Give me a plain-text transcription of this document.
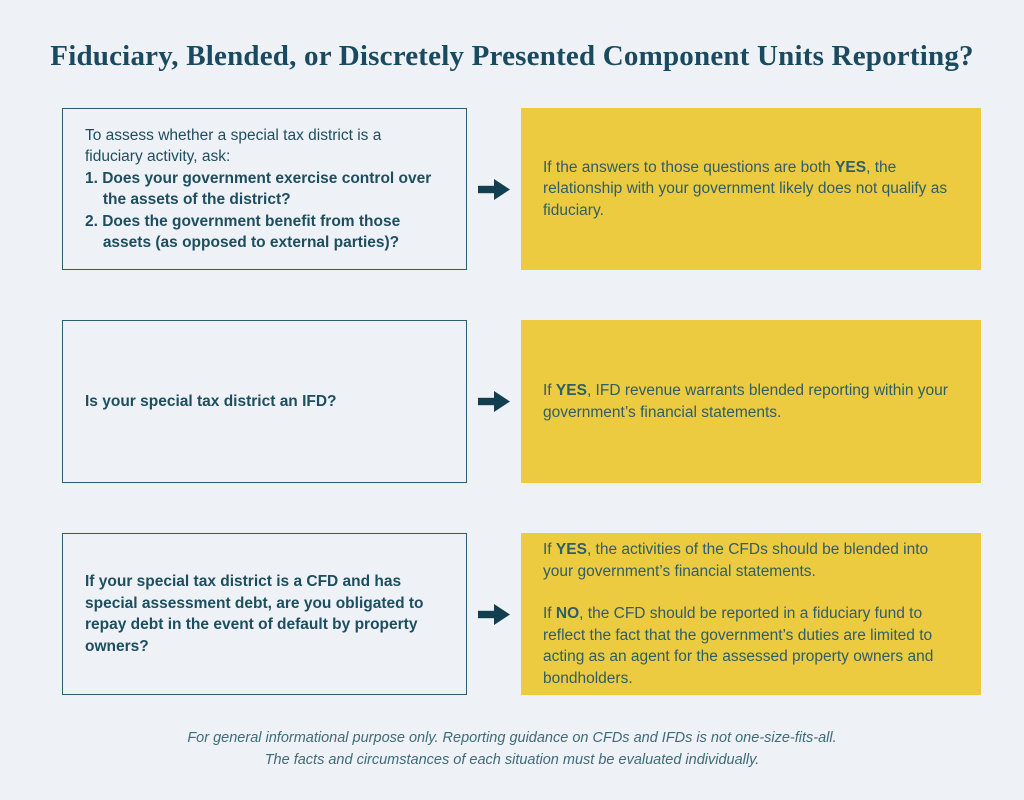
Fiduciary, Blended, or Discretely Presented Component Units Reporting?

To assess whether a special tax district is a fiduciary activity, ask:

1. Does your government exercise control over the assets of the district?

2. Does the government benefit from those assets (as opposed to external parties)?

If the answers to those questions are both YES, the relationship with your government likely does not qualify as fiduciary.

Is your special tax district an IFD?

If YES, IFD revenue warrants blended reporting within your government’s financial statements.

If your special tax district is a CFD and has special assessment debt, are you obligated to repay debt in the event of default by property owners?

If YES, the activities of the CFDs should be blended into your government’s financial statements.

If NO, the CFD should be reported in a fiduciary fund to reflect the fact that the government’s duties are limited to acting as an agent for the assessed property owners and bondholders.

For general informational purpose only. Reporting guidance on CFDs and IFDs is not one-size-fits-all.

The facts and circumstances of each situation must be evaluated individually.
